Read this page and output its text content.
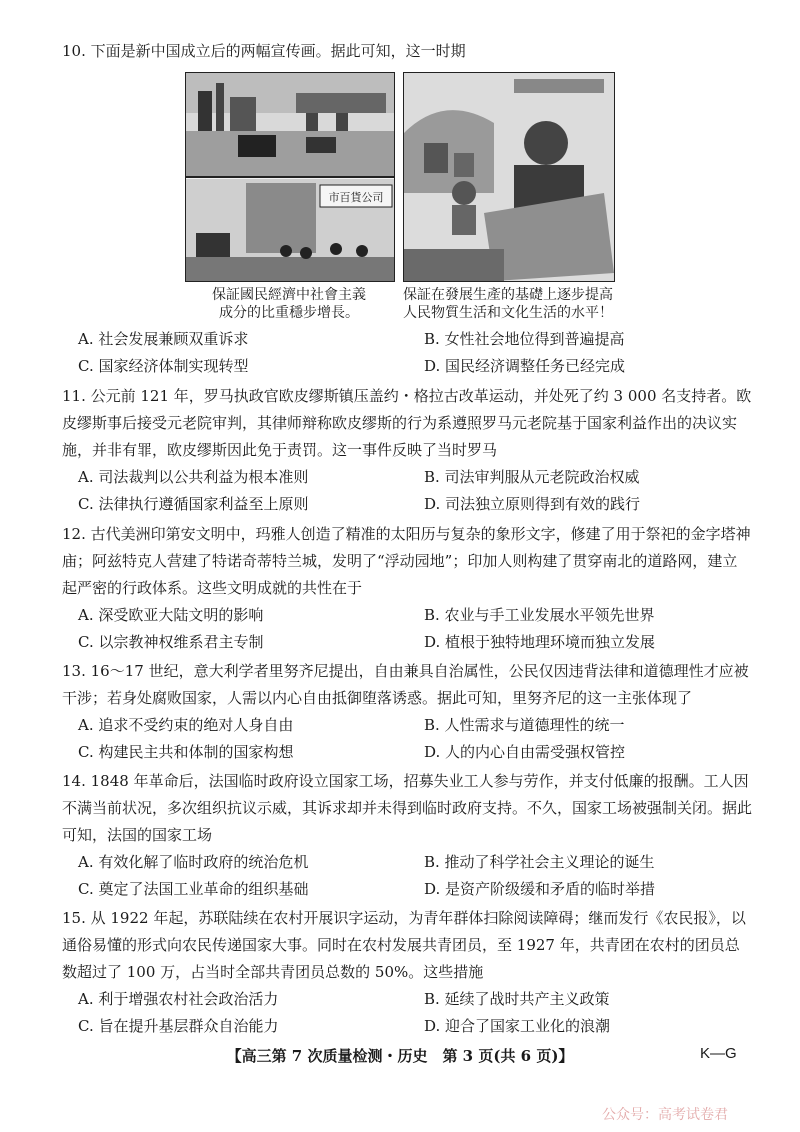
10. 下面是新中国成立后的两幅宣传画。据此可知，这一时期

市百貨公司
保証國民經濟中社會主義
成分的比重穩步增長。
保証在發展生產的基礎上逐步提高
人民物質生活和文化生活的水平！
A. 社会发展兼顾双重诉求	B. 女性社会地位得到普遍提高
C. 国家经济体制实现转型	D. 国民经济调整任务已经完成

11. 公元前 121 年，罗马执政官欧皮缪斯镇压盖约・格拉古改革运动，并处死了约 3 000 名支持者。欧皮缪斯事后接受元老院审判，其律师辩称欧皮缪斯的行为系遵照罗马元老院基于国家利益作出的决议实施，并非有罪，欧皮缪斯因此免于责罚。这一事件反映了当时罗马

A. 司法裁判以公共利益为根本准则	B. 司法审判服从元老院政治权威
C. 法律执行遵循国家利益至上原则	D. 司法独立原则得到有效的践行

12. 古代美洲印第安文明中，玛雅人创造了精准的太阳历与复杂的象形文字，修建了用于祭祀的金字塔神庙；阿兹特克人营建了特诺奇蒂特兰城，发明了“浮动园地”；印加人则构建了贯穿南北的道路网，建立起严密的行政体系。这些文明成就的共性在于

A. 深受欧亚大陆文明的影响	B. 农业与手工业发展水平领先世界
C. 以宗教神权维系君主专制	D. 植根于独特地理环境而独立发展

13. 16～17 世纪，意大利学者里努齐尼提出，自由兼具自治属性，公民仅因违背法律和道德理性才应被干涉；若身处腐败国家，人需以内心自由抵御堕落诱惑。据此可知，里努齐尼的这一主张体现了

A. 追求不受约束的绝对人身自由	B. 人性需求与道德理性的统一
C. 构建民主共和体制的国家构想	D. 人的内心自由需受强权管控

14. 1848 年革命后，法国临时政府设立国家工场，招募失业工人参与劳作，并支付低廉的报酬。工人因不满当前状况，多次组织抗议示威，其诉求却并未得到临时政府支持。不久，国家工场被强制关闭。据此可知，法国的国家工场

A. 有效化解了临时政府的统治危机	B. 推动了科学社会主义理论的诞生
C. 奠定了法国工业革命的组织基础	D. 是资产阶级缓和矛盾的临时举措

15. 从 1922 年起，苏联陆续在农村开展识字运动，为青年群体扫除阅读障碍；继而发行《农民报》，以通俗易懂的形式向农民传递国家大事。同时在农村发展共青团员，至 1927 年，共青团在农村的团员总数超过了 100 万，占当时全部共青团员总数的 50%。这些措施

A. 利于增强农村社会政治活力	B. 延续了战时共产主义政策
C. 旨在提升基层群众自治能力	D. 迎合了国家工业化的浪潮
【高三第 7 次质量检测・历史　第 3 页(共 6 页)】	K—G
公众号：高考试卷君
